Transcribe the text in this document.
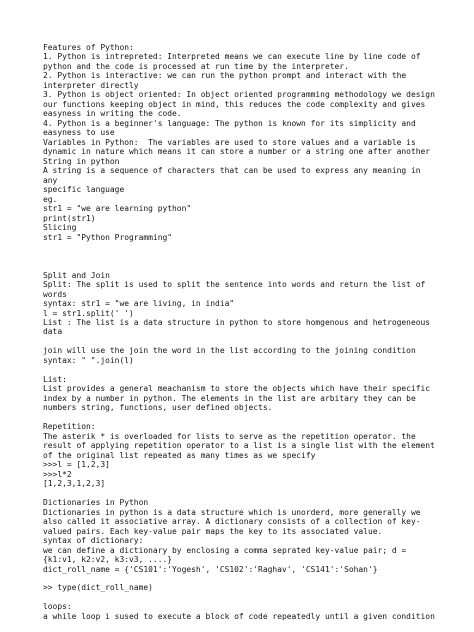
Features of Python:
1. Python is intrepreted: Interpreted means we can execute line by line code of
python and the code is processed at run time by the interpreter.
2. Python is interactive: we can run the python prompt and interact with the
interpreter directly
3. Python is object oriented: In object oriented programming methodology we design
our functions keeping object in mind, this reduces the code complexity and gives
easyness in writing the code.
4. Python is a beginner's language: The python is known for its simplicity and
easyness to use
Variables in Python:  The variables are used to store values and a variable is
dynamic in nature which means it can store a number or a string one after another
String in python
A string is a sequence of characters that can be used to express any meaning in any
specific language
eg.
str1 = "we are learning python"
print(str1)
Slicing
str1 = "Python Programming"
Split and Join
Split: The split is used to split the sentence into words and return the list of
words
syntax: str1 = "we are living, in india"
l = str1.split(' ')
List : The list is a data structure in python to store homgenous and hetrogeneous
data
join will use the join the word in the list according to the joining condition
syntax: " ".join(l)
List:
List provides a general meachanism to store the objects which have their specific
index by a number in python. The elements in the list are arbitary they can be
numbers string, functions, user defined objects.
Repetition:
The asterik * is overloaded for lists to serve as the repetition operator. the
result of applying repetition operator to a list is a single list with the element
of the original list repeated as many times as we specify
>>>l = [1,2,3]
>>>l*2
[1,2,3,1,2,3]
Dictionaries in Python
Dictionaries in python is a data structure which is unorderd, more generally we
also called it associative array. A dictionary consists of a collection of key-
valued pairs. Each key-value pair maps the key to its associated value.
syntax of dictionary:
we can define a dictionary by enclosing a comma seprated key-value pair; d =
{k1:v1, k2:v2, k3:v3, ....}
dict_roll_name = {'CS101':'Yogesh', 'CS102':'Raghav', 'CS141':'Sohan'}
>> type(dict_roll_name)
loops:
a while loop i sused to execute a block of code repeatedly until a given condition
